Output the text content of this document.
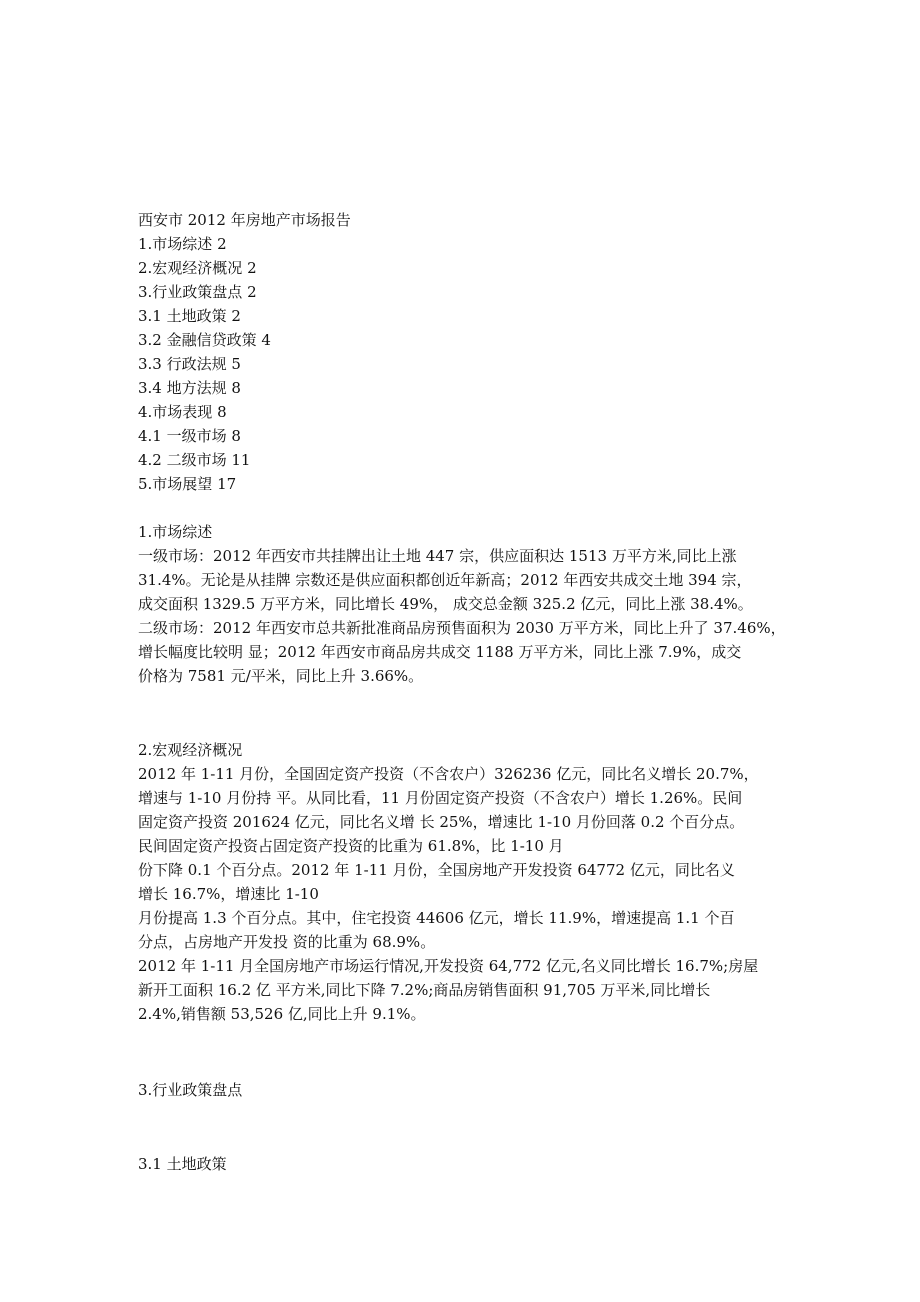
西安市 2012 年房地产市场报告
1.市场综述 2
2.宏观经济概况 2
3.行业政策盘点 2
3.1 土地政策 2
3.2 金融信贷政策 4
3.3 行政法规 5
3.4 地方法规 8
4.市场表现 8
4.1 一级市场 8
4.2 二级市场 11
5.市场展望 17
1.市场综述
一级市场：2012 年西安市共挂牌出让土地 447 宗，供应面积达 1513 万平方米,同比上涨
31.4%。无论是从挂牌 宗数还是供应面积都创近年新高；2012 年西安共成交土地 394 宗，
成交面积 1329.5 万平方米，同比增长 49%， 成交总金额 325.2 亿元，同比上涨 38.4%。
二级市场：2012 年西安市总共新批准商品房预售面积为 2030 万平方米，同比上升了 37.46%，
增长幅度比较明 显；2012 年西安市商品房共成交 1188 万平方米，同比上涨 7.9%，成交
价格为 7581 元/平米，同比上升 3.66%。
2.宏观经济概况
2012 年 1-11 月份，全国固定资产投资（不含农户）326236 亿元，同比名义增长 20.7%，
增速与 1-10 月份持 平。从同比看，11 月份固定资产投资（不含农户）增长 1.26%。民间
固定资产投资 201624 亿元，同比名义增 长 25%，增速比 1-10 月份回落 0.2 个百分点。
民间固定资产投资占固定资产投资的比重为 61.8%，比 1-10 月
份下降 0.1 个百分点。2012 年 1-11 月份，全国房地产开发投资 64772 亿元，同比名义
增长 16.7%，增速比 1-10
月份提高 1.3 个百分点。其中，住宅投资 44606 亿元，增长 11.9%，增速提高 1.1 个百
分点，占房地产开发投 资的比重为 68.9%。
2012 年 1-11 月全国房地产市场运行情况,开发投资 64,772 亿元,名义同比增长 16.7%;房屋
新开工面积 16.2 亿 平方米,同比下降 7.2%;商品房销售面积 91,705 万平米,同比增长
2.4%,销售额 53,526 亿,同比上升 9.1%。
3.行业政策盘点
3.1 土地政策
